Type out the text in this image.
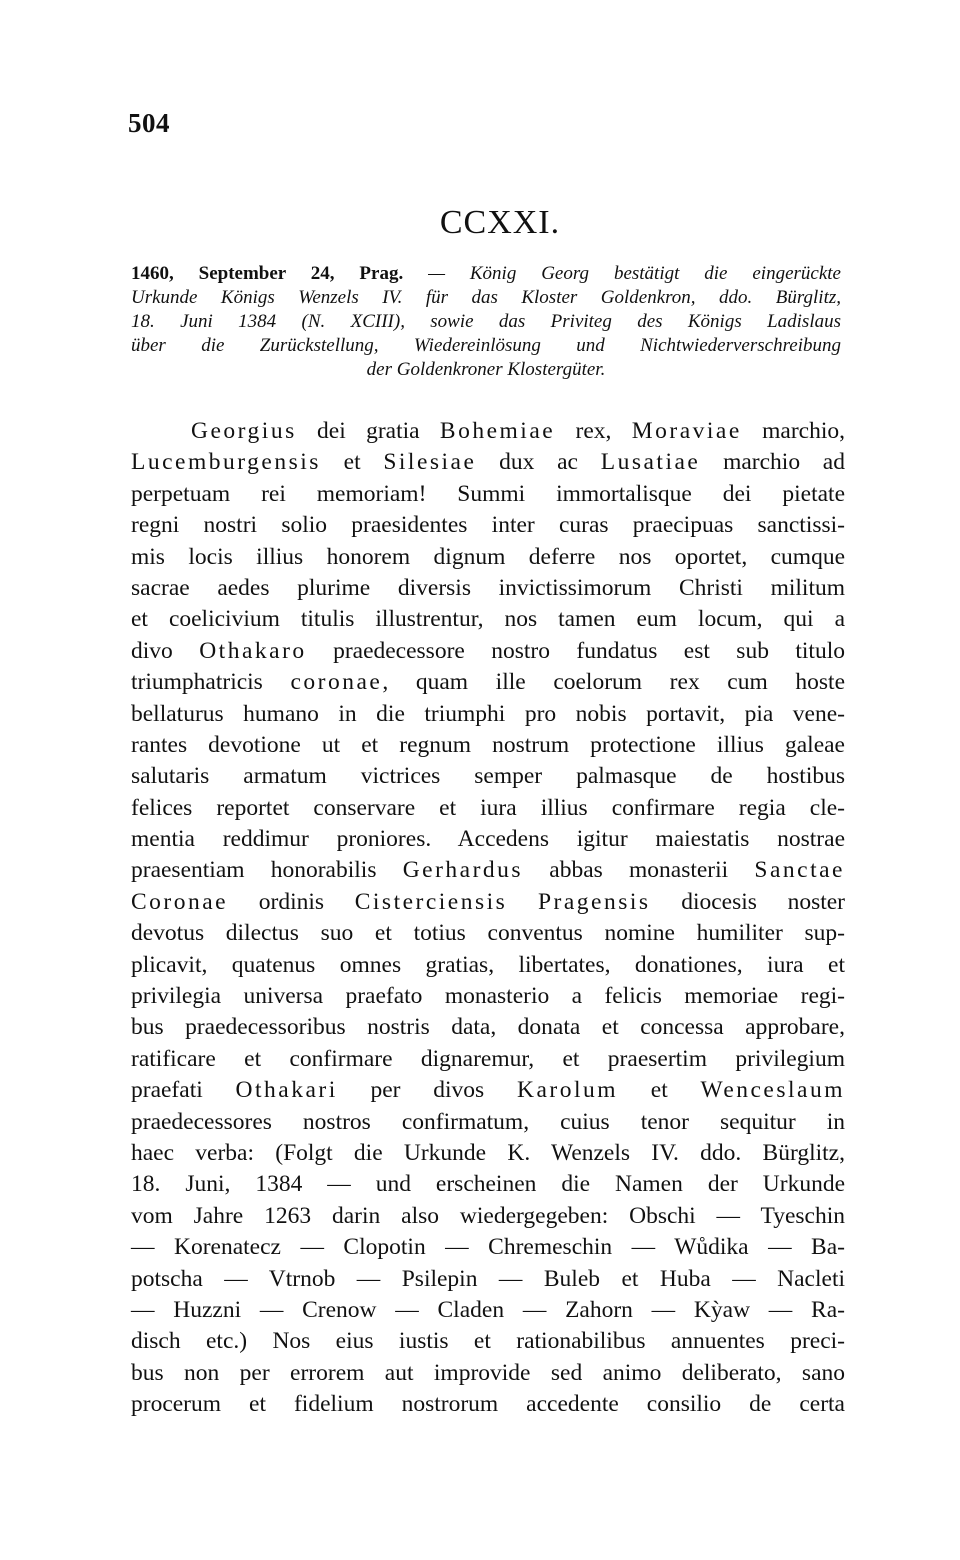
504
CCXXI.
1460, September 24, Prag. — König Georg bestätigt die eingerückte
Urkunde Königs Wenzels IV. für das Kloster Goldenkron, ddo. Bürglitz,
18. Juni 1384 (N. XCIII), sowie das Priviteg des Königs Ladislaus
über die Zurückstellung, Wiedereinlösung und Nichtwiederverschreibung
der Goldenkroner Klostergüter.
Georgius dei gratia Bohemiae rex, Moraviae marchio,
Lucemburgensis et Silesiae dux ac Lusatiae marchio ad
perpetuam rei memoriam! Summi immortalisque dei pietate
regni nostri solio praesidentes inter curas praecipuas sanctissi-
mis locis illius honorem dignum deferre nos oportet, cumque
sacrae aedes plurime diversis invictissimorum Christi militum
et coelicivium titulis illustrentur, nos tamen eum locum, qui a
divo Othakaro praedecessore nostro fundatus est sub titulo
triumphatricis coronae, quam ille coelorum rex cum hoste
bellaturus humano in die triumphi pro nobis portavit, pia vene-
rantes devotione ut et regnum nostrum protectione illius galeae
salutaris armatum victrices semper palmasque de hostibus
felices reportet conservare et iura illius confirmare regia cle-
mentia reddimur proniores. Accedens igitur maiestatis nostrae
praesentiam honorabilis Gerhardus abbas monasterii Sanctae
Coronae ordinis Cisterciensis Pragensis diocesis noster
devotus dilectus suo et totius conventus nomine humiliter sup-
plicavit, quatenus omnes gratias, libertates, donationes, iura et
privilegia universa praefato monasterio a felicis memoriae regi-
bus praedecessoribus nostris data, donata et concessa approbare,
ratificare et confirmare dignaremur, et praesertim privilegium
praefati Othakari per divos Karolum et Wenceslaum
praedecessores nostros confirmatum, cuius tenor sequitur in
haec verba: (Folgt die Urkunde K. Wenzels IV. ddo. Bürglitz,
18. Juni, 1384 — und erscheinen die Namen der Urkunde
vom Jahre 1263 darin also wiedergegeben: Obschi — Tyeschin
— Korenatecz — Clopotin — Chremeschin — Wůdika — Ba-
potscha — Vtrnob — Psilepin — Buleb et Huba — Nacleti
— Huzzni — Crenow — Claden — Zahorn — Kỳaw — Ra-
disch etc.) Nos eius iustis et rationabilibus annuentes preci-
bus non per errorem aut improvide sed animo deliberato, sano
procerum et fidelium nostrorum accedente consilio de certa
